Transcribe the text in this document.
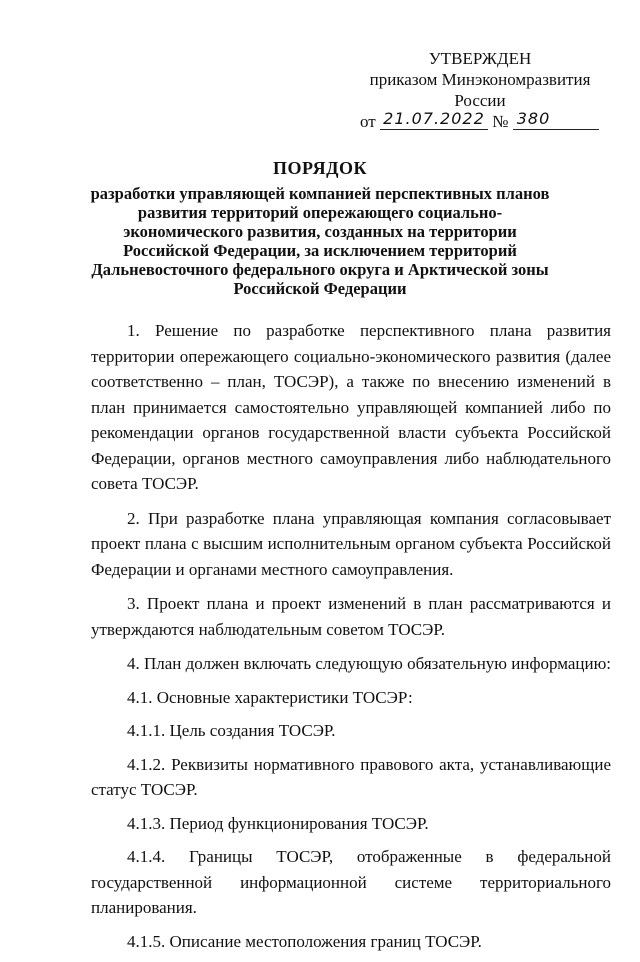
УТВЕРЖДЕН
приказом Минэкономразвития России
от 21.07.2022 № 380
ПОРЯДОК
разработки управляющей компанией перспективных планов развития территорий опережающего социально-экономического развития, созданных на территории Российской Федерации, за исключением территорий Дальневосточного федерального округа и Арктической зоны Российской Федерации

1. Решение по разработке перспективного плана развития территории опережающего социально-экономического развития (далее соответственно – план, ТОСЭР), а также по внесению изменений в план принимается самостоятельно управляющей компанией либо по рекомендации органов государственной власти субъекта Российской Федерации, органов местного самоуправления либо наблюдательного совета ТОСЭР.

2. При разработке плана управляющая компания согласовывает проект плана с высшим исполнительным органом субъекта Российской Федерации и органами местного самоуправления.

3. Проект плана и проект изменений в план рассматриваются и утверждаются наблюдательным советом ТОСЭР.

4. План должен включать следующую обязательную информацию:

4.1. Основные характеристики ТОСЭР:

4.1.1. Цель создания ТОСЭР.

4.1.2. Реквизиты нормативного правового акта, устанавливающие статус ТОСЭР.

4.1.3. Период функционирования ТОСЭР.

4.1.4. Границы ТОСЭР, отображенные в федеральной государственной информационной системе территориального планирования.

4.1.5. Описание местоположения границ ТОСЭР.
